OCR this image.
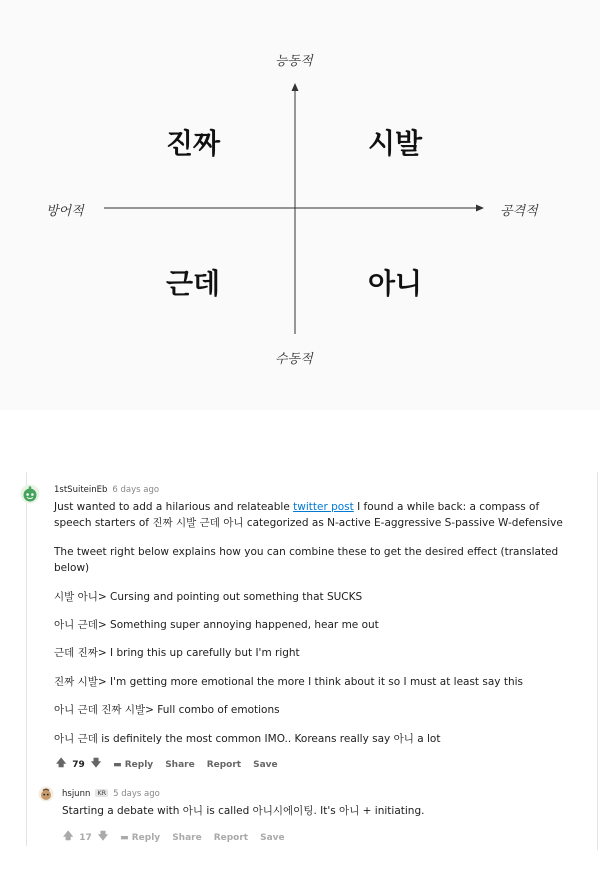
능동적
수동적
방어적	공격적
진짜	시발
근데	아니
1stSuiteinEb 6 days ago

Just wanted to add a hilarious and relateable twitter post I found a while back: a compass of speech starters of 진짜 시발 근데 아니 categorized as N-active E-aggressive S-passive W-defensive

The tweet right below explains how you can combine these to get the desired effect (translated below)
시발 아니> Cursing and pointing out something that SUCKS
아니 근데> Something super annoying happened, hear me out
근데 진짜> I bring this up carefully but I'm right
진짜 시발> I'm getting more emotional the more I think about it so I must at least say this
아니 근데 진짜 시발> Full combo of emotions
아니 근데 is definitely the most common IMO.. Koreans really say 아니 a lot
🡅 79 🡇 ▬ Reply Share Report Save
hsjunn KR 5 days ago
Starting a debate with 아니 is called 아니시에이팅. It's 아니 + initiating.
🡅 17 🡇 ▬ Reply Share Report Save
